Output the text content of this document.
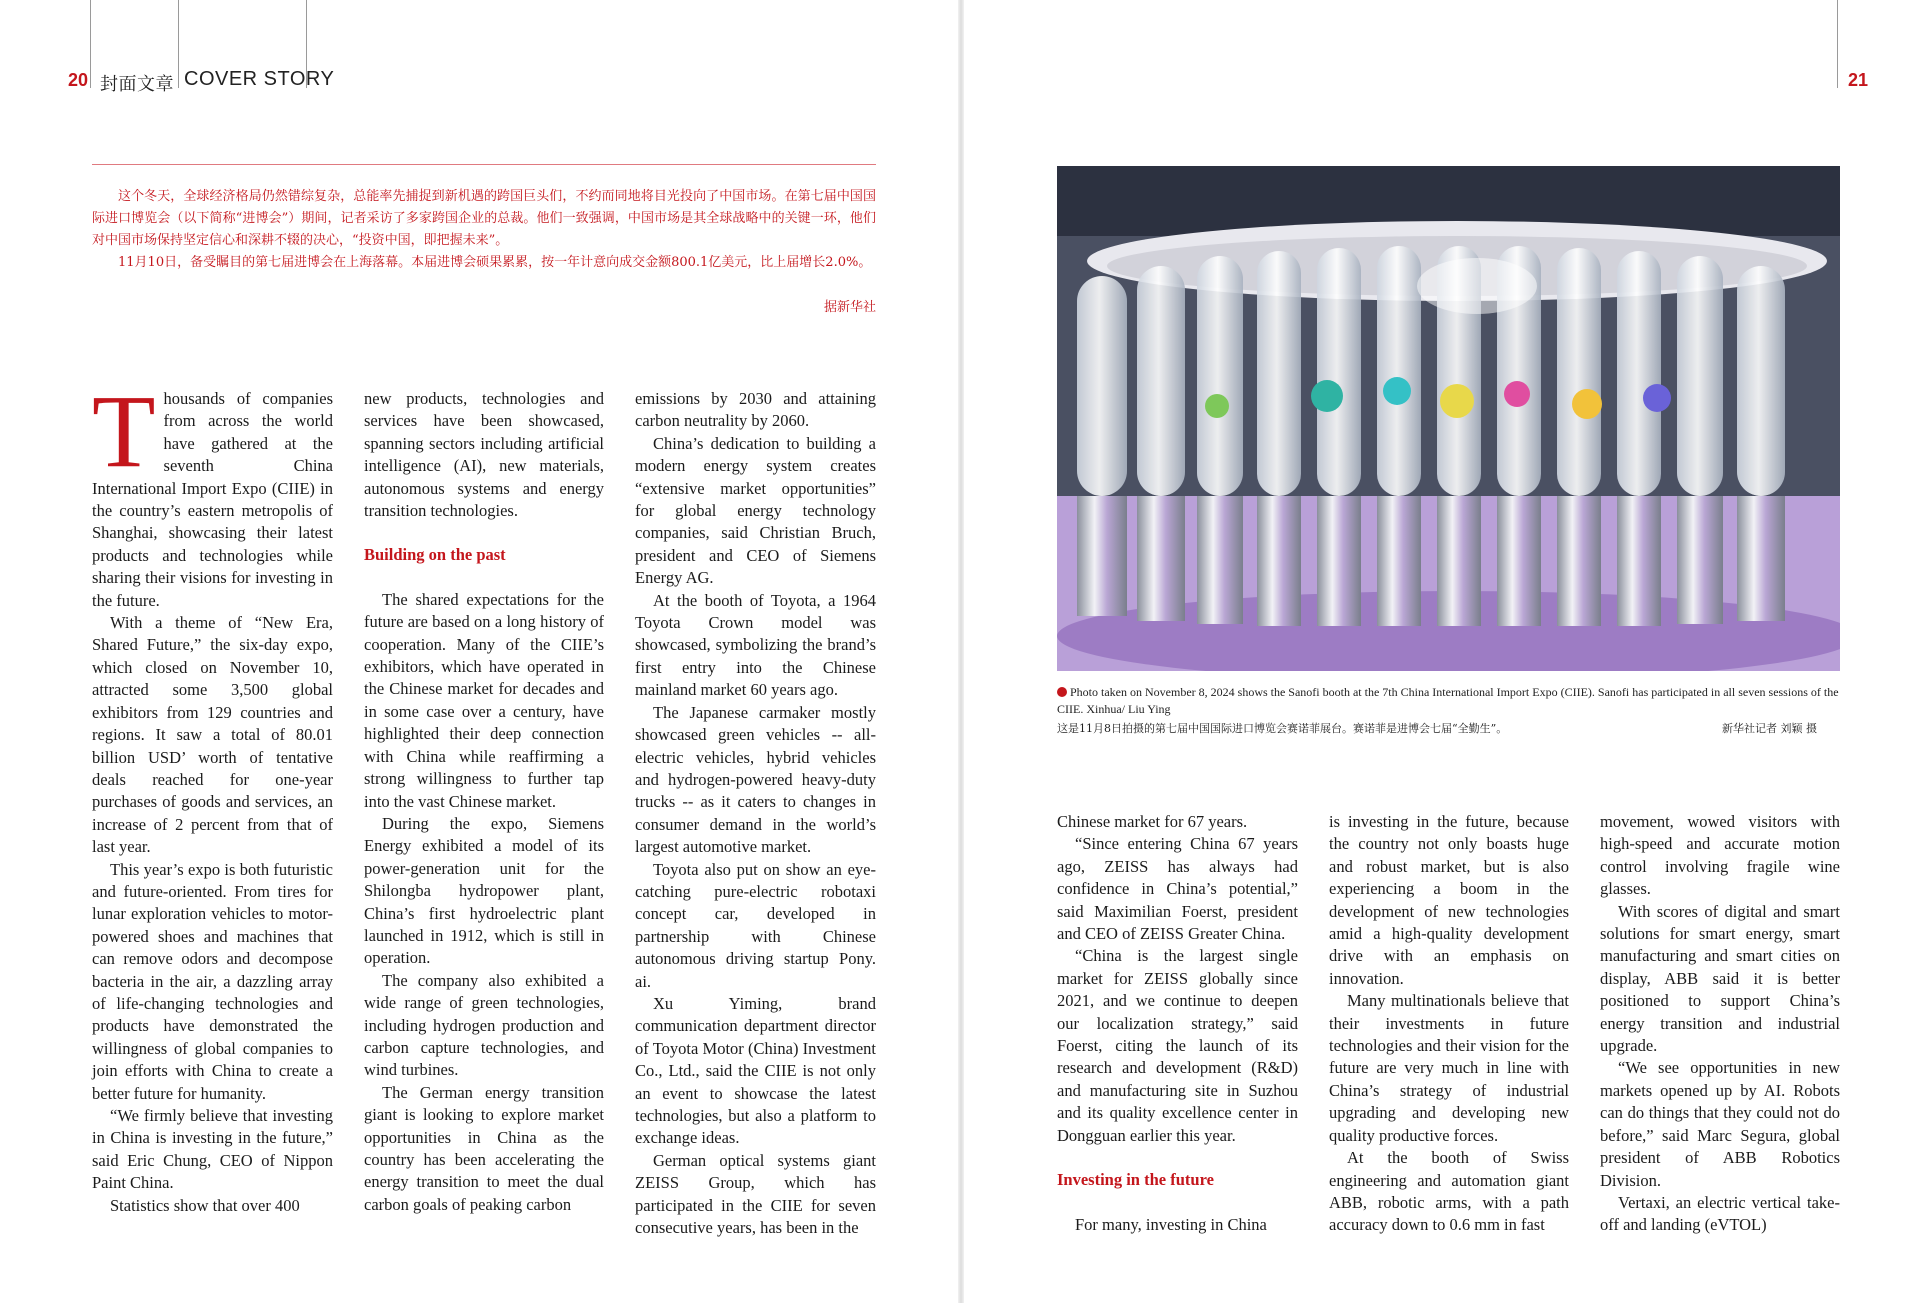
20 封面文章 COVER STORY	21

这个冬天，全球经济格局仍然错综复杂，总能率先捕捉到新机遇的跨国巨头们，不约而同地将目光投向了中国市场。在第七届中国国际进口博览会（以下简称“进博会”）期间，记者采访了多家跨国企业的总裁。他们一致强调，中国市场是其全球战略中的关键一环，他们对中国市场保持坚定信心和深耕不辍的决心，“投资中国，即把握未来”。

11月10日，备受瞩目的第七届进博会在上海落幕。本届进博会硕果累累，按一年计意向成交金额800.1亿美元，比上届增长2.0%。

据新华社

Thousands of companies from across the world have gathered at the seventh China International Import Expo (CIIE) in the country’s eastern metropolis of Shanghai, showcasing their latest products and technologies while sharing their visions for investing in the future.

With a theme of “New Era, Shared Future,” the six-day expo, which closed on November 10, attracted some 3,500 global exhibitors from 129 countries and regions. It saw a total of 80.01 billion USD’ worth of tentative deals reached for one-year purchases of goods and services, an increase of 2 percent from that of last year.

This year’s expo is both futuristic and future-oriented. From tires for lunar exploration vehicles to motor-powered shoes and machines that can remove odors and decompose bacteria in the air, a dazzling array of life-changing technologies and products have demonstrated the willingness of global companies to join efforts with China to create a better future for humanity.

“We firmly believe that investing in China is investing in the future,” said Eric Chung, CEO of Nippon Paint China.

Statistics show that over 400

new products, technologies and services have been showcased, spanning sectors including artificial intelligence (AI), new materials, autonomous systems and energy transition technologies.

Building on the past

The shared expectations for the future are based on a long history of cooperation. Many of the CIIE’s exhibitors, which have operated in the Chinese market for decades and in some case over a century, have highlighted their deep connection with China while reaffirming a strong willingness to further tap into the vast Chinese market.

During the expo, Siemens Energy exhibited a model of its power-generation unit for the Shilongba hydropower plant, China’s first hydroelectric plant launched in 1912, which is still in operation.

The company also exhibited a wide range of green technologies, including hydrogen production and carbon capture technologies, and wind turbines.

The German energy transition giant is looking to explore market opportunities in China as the country has been accelerating the energy transition to meet the dual carbon goals of peaking carbon

emissions by 2030 and attaining carbon neutrality by 2060.

China’s dedication to building a modern energy system creates “extensive market opportunities” for global energy technology companies, said Christian Bruch, president and CEO of Siemens Energy AG.

At the booth of Toyota, a 1964 Toyota Crown model was showcased, symbolizing the brand’s first entry into the Chinese mainland market 60 years ago.

The Japanese carmaker mostly showcased green vehicles -- all-electric vehicles, hybrid vehicles and hydrogen-powered heavy-duty trucks -- as it caters to changes in consumer demand in the world’s largest automotive market.

Toyota also put on show an eye-catching pure-electric robotaxi concept car, developed in partnership with Chinese autonomous driving startup Pony. ai.

Xu Yiming, brand communication department director of Toyota Motor (China) Investment Co., Ltd., said the CIIE is not only an event to showcase the latest technologies, but also a platform to exchange ideas.

German optical systems giant ZEISS Group, which has participated in the CIIE for seven consecutive years, has been in the

Photo taken on November 8, 2024 shows the Sanofi booth at the 7th China International Import Expo (CIIE). Sanofi has participated in all seven sessions of the CIIE. Xinhua/ Liu Ying
这是11月8日拍摄的第七届中国国际进口博览会赛诺菲展台。赛诺菲是进博会七届“全勤生”。	新华社记者 刘颖 摄

Chinese market for 67 years.

“Since entering China 67 years ago, ZEISS has always had confidence in China’s potential,” said Maximilian Foerst, president and CEO of ZEISS Greater China.

“China is the largest single market for ZEISS globally since 2021, and we continue to deepen our localization strategy,” said Foerst, citing the launch of its research and development (R&D) and manufacturing site in Suzhou and its quality excellence center in Dongguan earlier this year.

Investing in the future

For many, investing in China

is investing in the future, because the country not only boasts huge and robust market, but is also experiencing a boom in the development of new technologies amid a high-quality development drive with an emphasis on innovation.

Many multinationals believe that their investments in future technologies and their vision for the future are very much in line with China’s strategy of industrial upgrading and developing new quality productive forces.

At the booth of Swiss engineering and automation giant ABB, robotic arms, with a path accuracy down to 0.6 mm in fast

movement, wowed visitors with high-speed and accurate motion control involving fragile wine glasses.

With scores of digital and smart solutions for smart energy, smart manufacturing and smart cities on display, ABB said it is better positioned to support China’s energy transition and industrial upgrade.

“We see opportunities in new markets opened up by AI. Robots can do things that they could not do before,” said Marc Segura, global president of ABB Robotics Division.

Vertaxi, an electric vertical take-off and landing (eVTOL)
